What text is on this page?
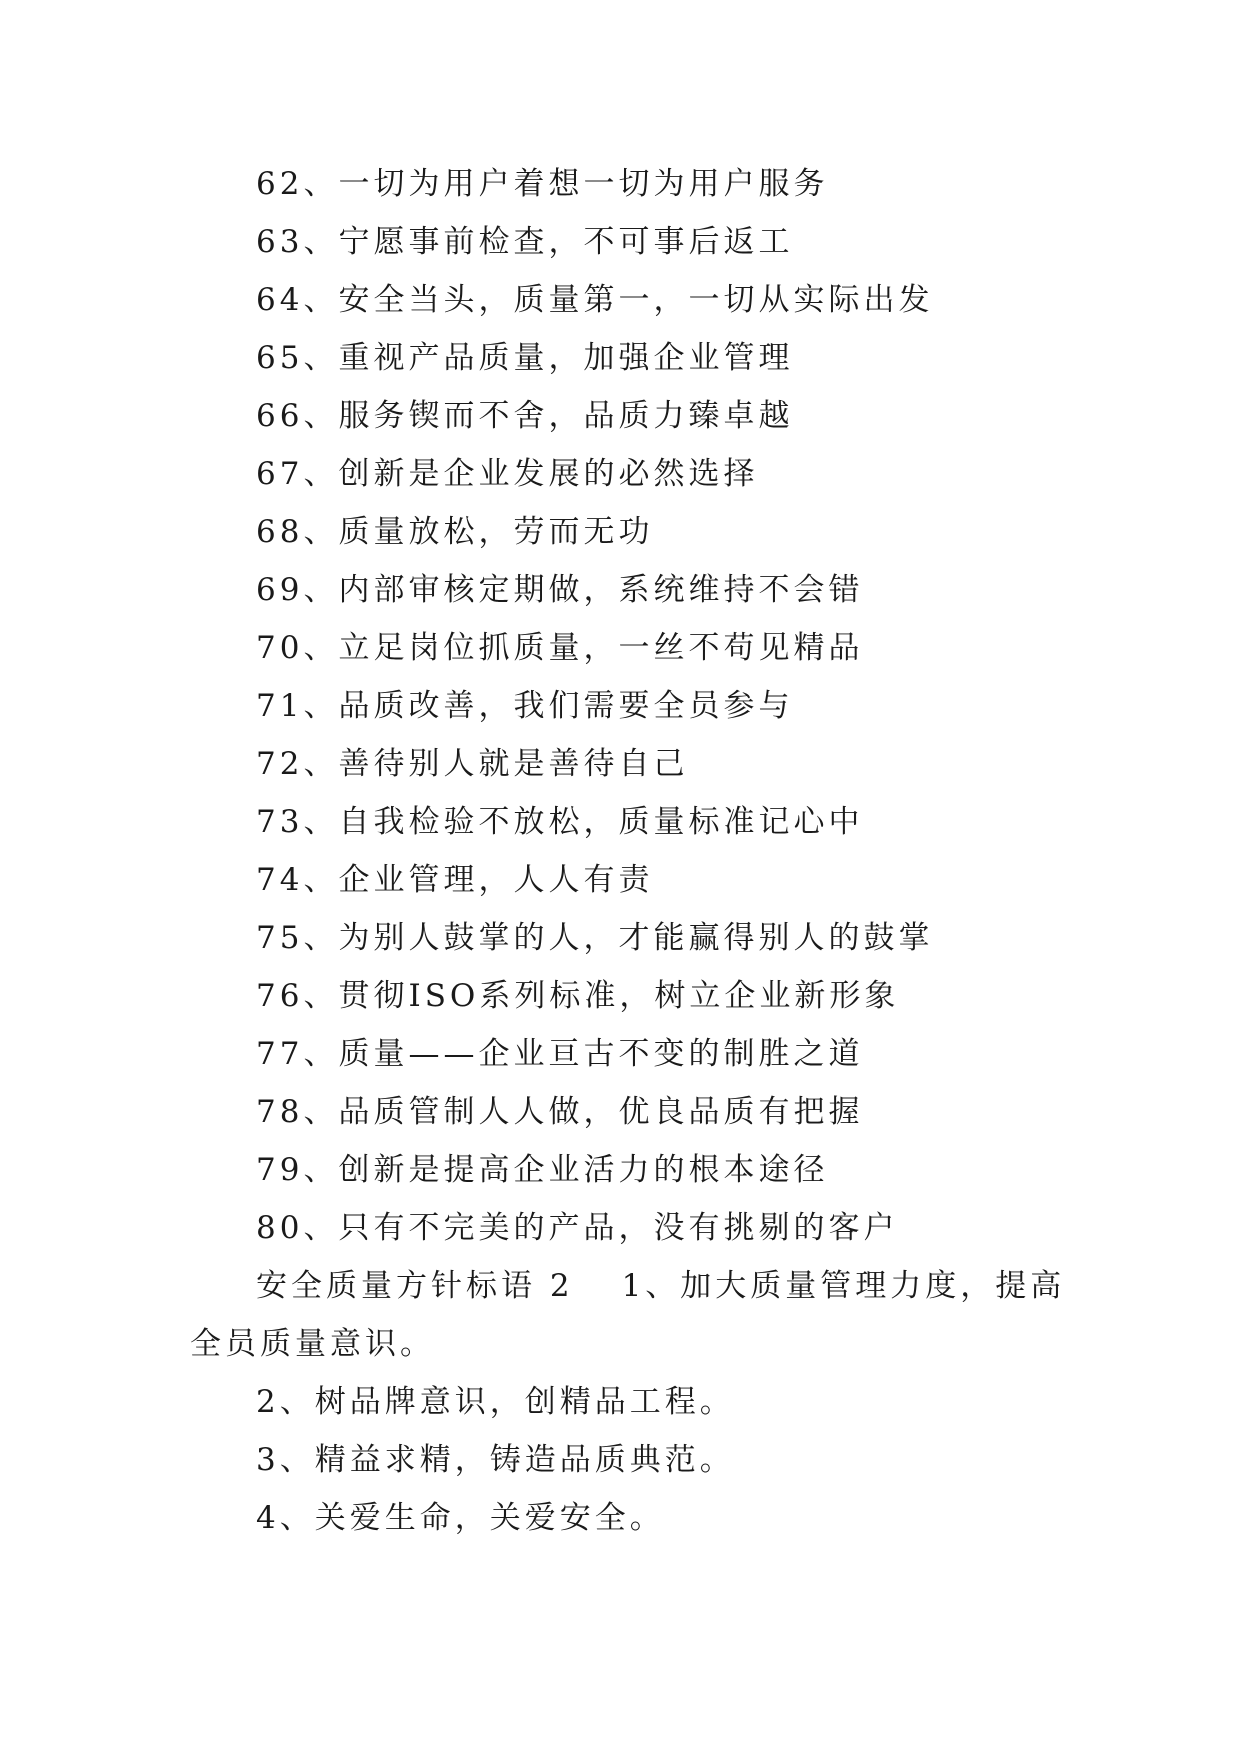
62、一切为用户着想一切为用户服务
63、宁愿事前检查，不可事后返工
64、安全当头，质量第一，一切从实际出发
65、重视产品质量，加强企业管理
66、服务锲而不舍，品质力臻卓越
67、创新是企业发展的必然选择
68、质量放松，劳而无功
69、内部审核定期做，系统维持不会错
70、立足岗位抓质量，一丝不苟见精品
71、品质改善，我们需要全员参与
72、善待别人就是善待自己
73、自我检验不放松，质量标准记心中
74、企业管理，人人有责
75、为别人鼓掌的人，才能赢得别人的鼓掌
76、贯彻ISO系列标准，树立企业新形象
77、质量——企业亘古不变的制胜之道
78、品质管制人人做，优良品质有把握
79、创新是提高企业活力的根本途径
80、只有不完美的产品，没有挑剔的客户
安全质量方针标语 2 1、加大质量管理力度，提高
全员质量意识。
2、树品牌意识，创精品工程。
3、精益求精，铸造品质典范。
4、关爱生命，关爱安全。
